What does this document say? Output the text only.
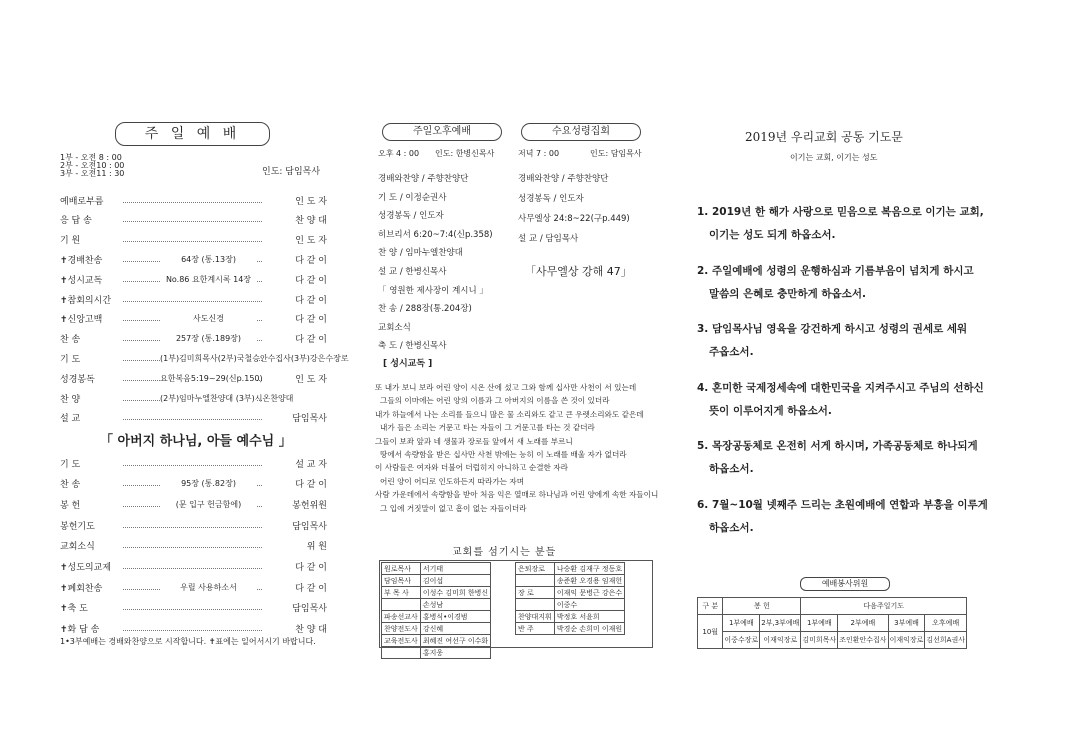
주 일 예 배
1부 - 오전 8 : 00
2부 - 오전10 : 00
3부 - 오전11 : 30	인도: 담임목사
예배로부름	인 도 자
응 답 송	찬 양 대
기 원	인 도 자
✝경배찬송	64장 (통.13장)	다 같 이
✝성시교독	No.86 요한계시록 14장	다 같 이
✝참회의시간	다 같 이
✝신앙고백	사도신경	다 같 이
찬 송	257장 (통.189장)	다 같 이
기 도	(1부)김미희목사(2부)국철승안수집사(3부)강은수장로
성경봉독	요한복음5:19~29(신p.150)	인 도 자
찬 양	(2부)임마누엘찬양대 (3부)시온찬양대
설 교	담임목사
「 아버지 하나님, 아들 예수님 」
기 도	설 교 자
찬 송	95장 (통.82장)	다 같 이
봉 헌	(문 입구 헌금함에)	봉헌위원
봉헌기도	담임목사
교회소식	위 원
✝성도의교제	다 같 이
✝폐회찬송	우릴 사용하소서	다 같 이
✝축 도	담임목사
✝화 답 송	찬 양 대
1•3부예배는 경배와찬양으로 시작합니다. ✝표에는 일어서시기 바랍니다.
주일오후예배
오후 4 : 00 인도: 한병신목사
경배와찬양 / 주향찬양단
기 도 / 이정순권사
성경봉독 / 인도자
히브리서 6:20~7:4(신p.358)
찬 양 / 임마누엘찬양대
설 교 / 한병신목사
「 영원한 제사장이 계시니 」
찬 송 / 288장(통.204장)
교회소식
축 도 / 한병신목사
수요성령집회
저녁 7 : 00	인도: 담임목사
경배와찬양 / 주향찬양단
성경봉독 / 인도자
사무엘상 24:8~22(구p.449)
설 교 / 담임목사
「사무엘상 강해 47」
[ 성시교독 ]
또 내가 보니 보라 어린 양이 시온 산에 섰고 그와 함께 십사만 사천이 서 있는데
그들의 이마에는 어린 양의 이름과 그 아버지의 이름을 쓴 것이 있더라
내가 하늘에서 나는 소리를 들으니 많은 물 소리와도 같고 큰 우렛소리와도 같은데
내가 들은 소리는 거문고 타는 자들이 그 거문고를 타는 것 같더라
그들이 보좌 앞과 네 생물과 장로들 앞에서 새 노래를 부르니
땅에서 속량함을 받은 십사만 사천 밖에는 능히 이 노래를 배울 자가 없더라
이 사람들은 여자와 더불어 더럽히지 아니하고 순결한 자라
어린 양이 어디로 인도하든지 따라가는 자며
사람 가운데에서 속량함을 받아 처음 익은 열매로 하나님과 어린 양에게 속한 자들이니
그 입에 거짓말이 없고 흠이 없는 자들이더라
교회를 섬기시는 분들
원로목사	서기태
담임목사	김이섭
부 목 사	이성수 김미희 한병신
	손성남
파송선교사	홍병식•이경범
찬양전도사	강신혜
교육전도사	최혜진 여선구 이수화
	홍지웅
은퇴장로	나승환 김재구 정동호
	송준환 오경용 임재헌
장 로	이재익 문병근 강은수
	이중수
찬양대지휘	박정호 서윤희
반 주	박경순 손희미 이재원
2019년 우리교회 공동 기도문
이기는 교회, 이기는 성도
1. 2019년 한 해가 사랑으로 믿음으로 복음으로 이기는 교회,
이기는 성도 되게 하옵소서.
2. 주일예배에 성령의 운행하심과 기름부음이 넘치게 하시고
말씀의 은혜로 충만하게 하옵소서.
3. 담임목사님 영육을 강건하게 하시고 성령의 권세로 세워
주옵소서.
4. 혼미한 국제정세속에 대한민국을 지켜주시고 주님의 선하신
뜻이 이루어지게 하옵소서.
5. 목장공동체로 온전히 서게 하시며, 가족공동체로 하나되게
하옵소서.
6. 7월~10월 넷째주 드리는 초원예배에 연합과 부흥을 이루게
하옵소서.
예배봉사위원
구 분	봉 헌		다음주일기도			
10월	1부예배	2부,3부예배	1부예배	2부예배	3부예배	오후예배
	이중수장로	이재익장로	김미희목사	조인환안수집사	이재익장로	김선희A권사
